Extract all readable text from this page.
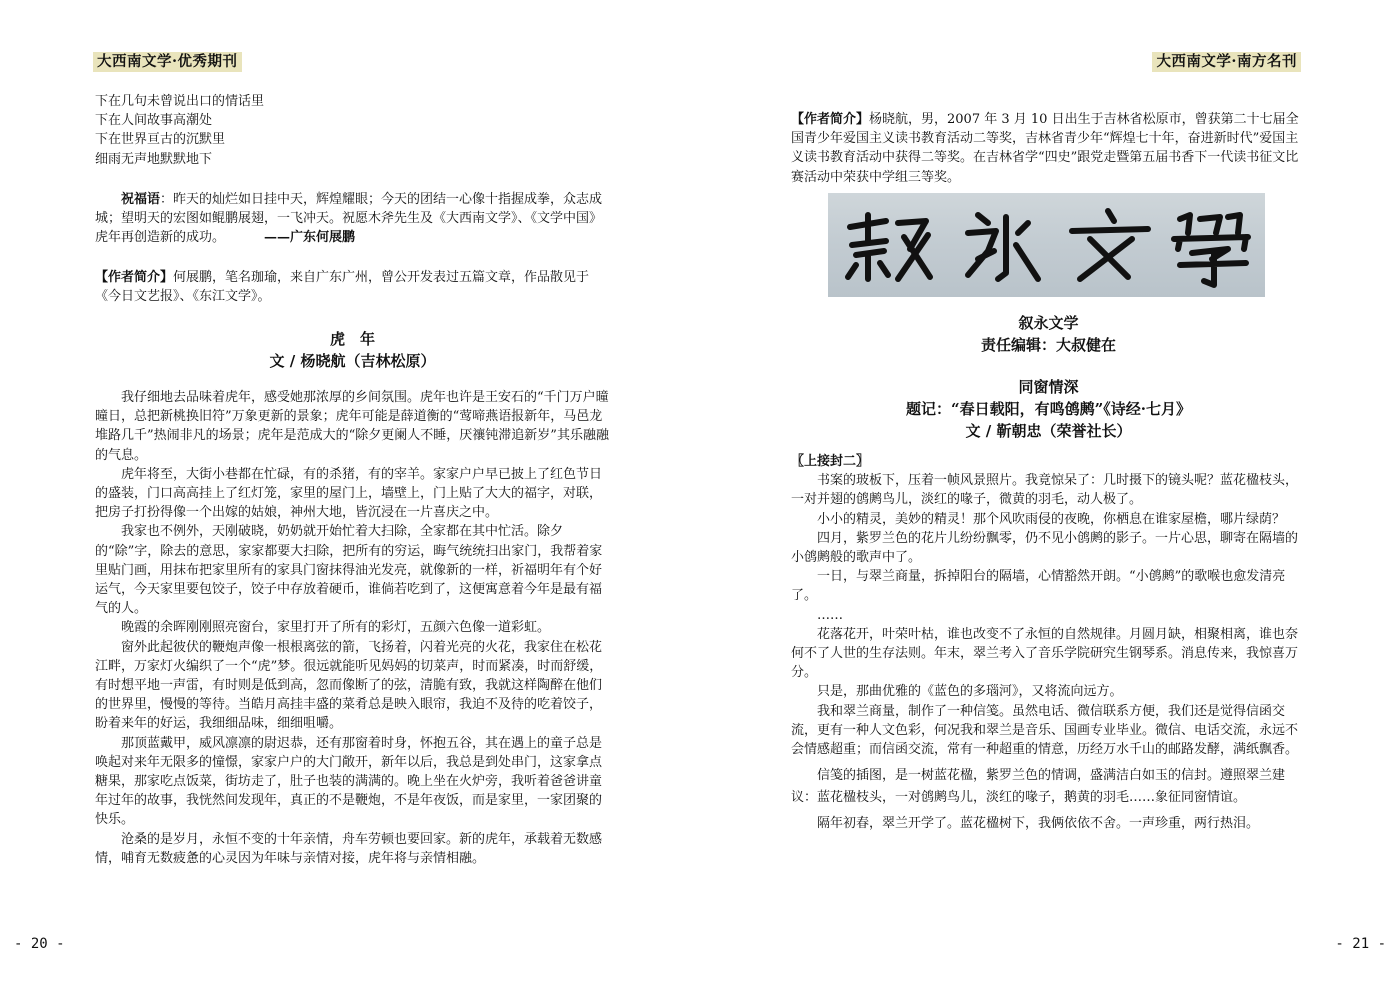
大西南文学·优秀期刊

下在几句未曾说出口的情话里

下在人间故事高潮处

下在世界亘古的沉默里

细雨无声地默默地下

祝福语：昨天的灿烂如日挂中天，辉煌耀眼；今天的团结一心像十指握成拳，众志成城；望明天的宏图如鲲鹏展翅，一飞冲天。祝愿木斧先生及《大西南文学》、《文学中国》虎年再创造新的成功。	——广东何展鹏

【作者简介】何展鹏，笔名珈瑜，来自广东广州，曾公开发表过五篇文章，作品散见于《今日文艺报》、《东江文学》。

虎　年

文 / 杨晓航（吉林松原）

我仔细地去品味着虎年，感受她那浓厚的乡间氛围。虎年也许是王安石的“千门万户曈曈日，总把新桃换旧符”万象更新的景象；虎年可能是薛道衡的“莺啼燕语报新年，马邑龙堆路几千”热闹非凡的场景；虎年是范成大的“除夕更阑人不睡，厌禳钝滞追新岁”其乐融融的气息。

虎年将至，大街小巷都在忙碌，有的杀猪，有的宰羊。家家户户早已披上了红色节日的盛装，门口高高挂上了红灯笼，家里的屋门上，墙壁上，门上贴了大大的福字，对联，把房子打扮得像一个出嫁的姑娘，神州大地，皆沉浸在一片喜庆之中。

我家也不例外，天刚破晓，奶奶就开始忙着大扫除，全家都在其中忙活。除夕的“除”字，除去的意思，家家都要大扫除，把所有的穷运，晦气统统扫出家门，我帮着家里贴门画，用抹布把家里所有的家具门窗抹得油光发亮，就像新的一样，祈福明年有个好运气，今天家里要包饺子，饺子中存放着硬币，谁倘若吃到了，这便寓意着今年是最有福气的人。

晚霞的余晖刚刚照亮窗台，家里打开了所有的彩灯，五颜六色像一道彩虹。

窗外此起彼伏的鞭炮声像一根根离弦的箭，飞扬着，闪着光亮的火花，我家住在松花江畔，万家灯火编织了一个“虎”梦。很远就能听见妈妈的切菜声，时而紧凑，时而舒缓，有时想平地一声雷，有时则是低到高，忽而像断了的弦，清脆有致，我就这样陶醉在他们的世界里，慢慢的等待。当皓月高挂丰盛的菜肴总是映入眼帘，我迫不及待的吃着饺子，盼着来年的好运，我细细品味，细细咀嚼。

那顶蓝戴甲，威风凛凛的尉迟恭，还有那窗着时身，怀抱五谷，其在遇上的童子总是唤起对来年无限多的憧憬，家家户户的大门敞开，新年以后，我总是到处串门，这家拿点糖果，那家吃点饭菜，街坊走了，肚子也装的满满的。晚上坐在火炉旁，我听着爸爸讲童年过年的故事，我恍然间发现年，真正的不是鞭炮，不是年夜饭，而是家里，一家团聚的快乐。

沧桑的是岁月，永恒不变的十年亲情，舟车劳顿也要回家。新的虎年，承载着无数感情，哺育无数疲惫的心灵因为年味与亲情对接，虎年将与亲情相融。

- 20 -
大西南文学·南方名刊

【作者简介】杨晓航，男，2007 年 3 月 10 日出生于吉林省松原市，曾获第二十七届全国青少年爱国主义读书教育活动二等奖，吉林省青少年“辉煌七十年，奋进新时代”爱国主义读书教育活动中获得二等奖。在吉林省学“四史”跟党走暨第五届书香下一代读书征文比赛活动中荣获中学组三等奖。

叙永文学

责任编辑：大叔健在

同窗情深

题记：“春日载阳，有鸣鸧鹒”《诗经·七月》

文 / 靳朝忠（荣誉社长）

〖上接封二〗

书案的玻板下，压着一帧风景照片。我竟惊呆了：几时摄下的镜头呢？蓝花楹枝头，一对并翅的鸧鹒鸟儿，淡红的喙子，微黄的羽毛，动人极了。

小小的精灵，美妙的精灵！那个风吹雨侵的夜晚，你栖息在谁家屋檐，哪片绿荫？

四月，紫罗兰色的花片儿纷纷飘零，仍不见小鸧鹒的影子。一片心思，聊寄在隔墙的小鸧鹒般的歌声中了。

一日，与翠兰商量，拆掉阳台的隔墙，心情豁然开朗。“小鸧鹒”的歌喉也愈发清亮了。

……

花落花开，叶荣叶枯，谁也改变不了永恒的自然规律。月圆月缺，相聚相离，谁也奈何不了人世的生存法则。年末，翠兰考入了音乐学院研究生钢琴系。消息传来，我惊喜万分。

只是，那曲优雅的《蓝色的多瑙河》，又将流向远方。

我和翠兰商量，制作了一种信笺。虽然电话、微信联系方便，我们还是觉得信函交流，更有一种人文色彩，何况我和翠兰是音乐、国画专业毕业。微信、电话交流，永远不会情感超重；而信函交流，常有一种超重的情意，历经万水千山的邮路发酵，满纸飘香。

信笺的插图，是一树蓝花楹，紫罗兰色的情调，盛满洁白如玉的信封。遵照翠兰建议：蓝花楹枝头，一对鸧鹒鸟儿，淡红的喙子，鹅黄的羽毛……象征同窗情谊。

隔年初春，翠兰开学了。蓝花楹树下，我俩依依不舍。一声珍重，两行热泪。

- 21 -
